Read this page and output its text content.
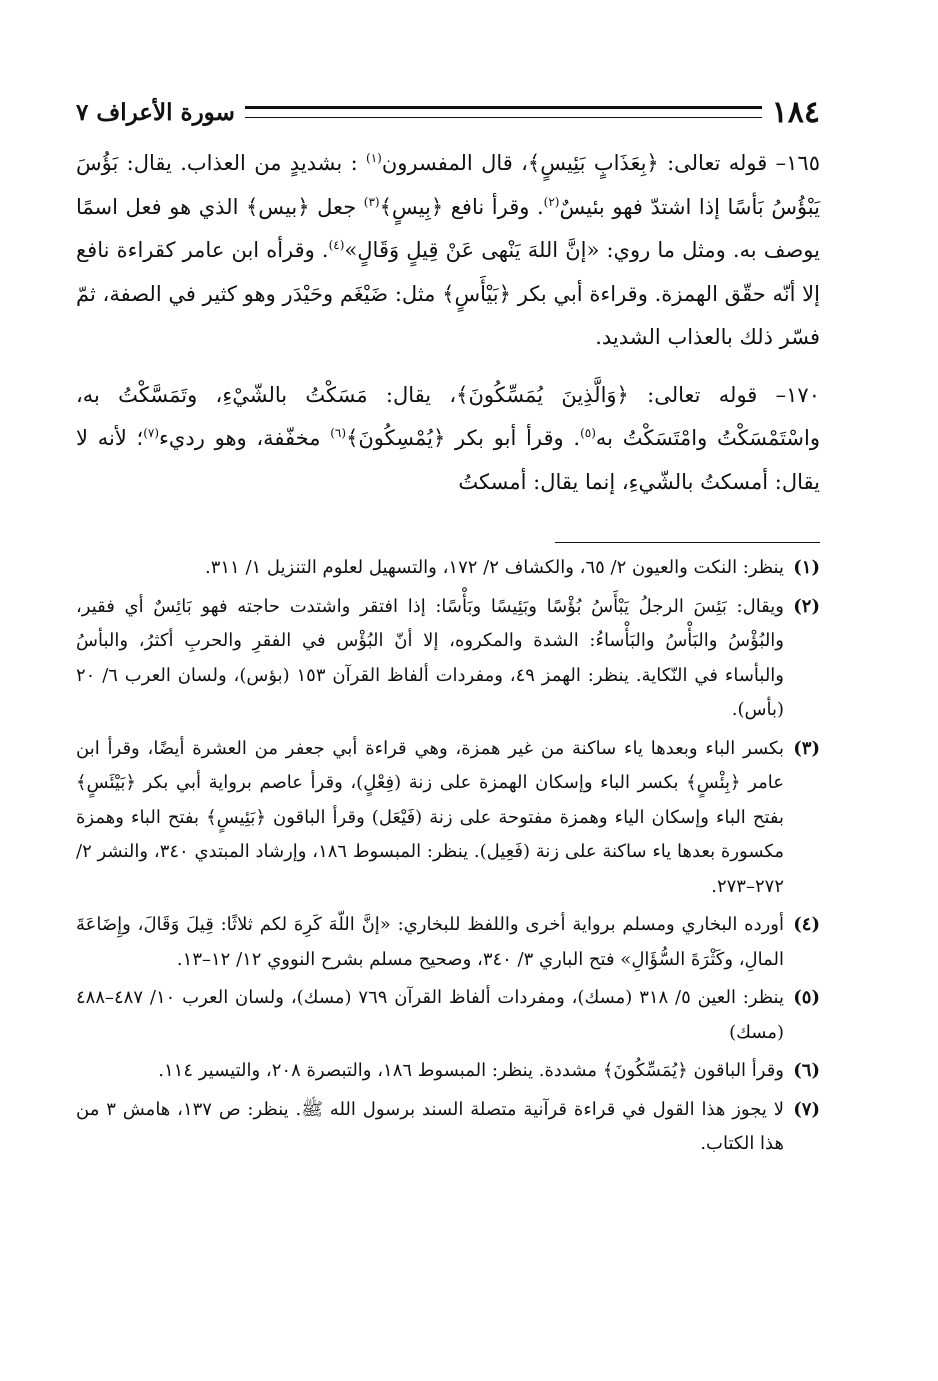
١٨٤
سورة الأعراف ٧

١٦٥– قوله تعالى: ﴿بِعَذَابٍ بَئِيسٍ﴾، قال المفسرون$^{(١)}$ : بشديدٍ من العذاب. يقال: بَؤُسَ يَبْؤُسُ بَأسًا إذا اشتدّ فهو بئيسٌ$^{(٢)}$. وقرأ نافع ﴿بِيسٍ﴾$^{(٣)}$ جعل ﴿بيس﴾ الذي هو فعل اسمًا يوصف به. ومثل ما روي: «إنَّ اللهَ يَنْهى عَنْ قِيلٍ وَقَالٍ»$^{(٤)}$. وقرأه ابن عامر كقراءة نافع إلا أنّه حقّق الهمزة. وقراءة أبي بكر ﴿بَيْأَسٍ﴾ مثل: ضَيْغَم وحَيْدَر وهو كثير في الصفة، ثمّ فسّر ذلك بالعذاب الشديد.

١٧٠– قوله تعالى: ﴿وَالَّذِينَ يُمَسِّكُونَ﴾، يقال: مَسَكْتُ بالشّيْءِ، وتَمَسَّكْتُ به، واسْتَمْسَكْتُ وامْتَسَكْتُ به$^{(٥)}$. وقرأ أبو بكر ﴿يُمْسِكُونَ﴾$^{(٦)}$ مخفّفة، وهو رديء$^{(٧)}$؛ لأنه لا يقال: أمسكتُ بالشّيءِ، إنما يقال: أمسكتُ

(١)
ينظر: النكت والعيون ٢/ ٦٥، والكشاف ٢/ ١٧٢، والتسهيل لعلوم التنزيل ١/ ٣١١.
(٢)
ويقال: بَئِسَ الرجلُ يَبْأَسُ بُؤْسًا وبَئِيسًا وبَأْسًا: إذا افتقر واشتدت حاجته فهو بَائِسٌ أي فقير، والبُؤْسُ والبَأْسُ والبَأْساءُ: الشدة والمكروه، إلا أنّ البُؤْس في الفقرِ والحربِ أكثرُ، والبأسُ والبأساء في النّكاية. ينظر: الهمز ٤٩، ومفردات ألفاظ القرآن ١٥٣ (بؤس)، ولسان العرب ٦/ ٢٠ (بأس).
(٣)
بكسر الباء وبعدها ياء ساكنة من غير همزة، وهي قراءة أبي جعفر من العشرة أيضًا، وقرأ ابن عامر ﴿بِئْسٍ﴾ بكسر الباء وإسكان الهمزة على زنة (فِعْلٍ)، وقرأ عاصم برواية أبي بكر ﴿بَيْئَسٍ﴾ بفتح الباء وإسكان الياء وهمزة مفتوحة على زنة (فَيْعَل) وقرأ الباقون ﴿بَئِيسٍ﴾ بفتح الباء وهمزة مكسورة بعدها ياء ساكنة على زنة (فَعِيل). ينظر: المبسوط ١٨٦، وإرشاد المبتدي ٣٤٠، والنشر ٢/ ٢٧٢–٢٧٣.
(٤)
أورده البخاري ومسلم برواية أخرى واللفظ للبخاري: «إنَّ اللّهَ كَرِهَ لكم ثلاثًا: قِيلَ وَقَالَ، وإِضَاعَةَ المالِ، وكَثْرَةَ السُّؤَالِ» فتح الباري ٣/ ٣٤٠، وصحيح مسلم بشرح النووي ١٢/ ١٢–١٣.
(٥)
ينظر: العين ٥/ ٣١٨ (مسك)، ومفردات ألفاظ القرآن ٧٦٩ (مسك)، ولسان العرب ١٠/ ٤٨٧–٤٨٨ (مسك)
(٦)
وقرأ الباقون ﴿يُمَسِّكُونَ﴾ مشددة. ينظر: المبسوط ١٨٦، والتبصرة ٢٠٨، والتيسير ١١٤.
(٧)
لا يجوز هذا القول في قراءة قرآنية متصلة السند برسول الله ﷺ. ينظر: ص ١٣٧، هامش ٣ من هذا الكتاب.
